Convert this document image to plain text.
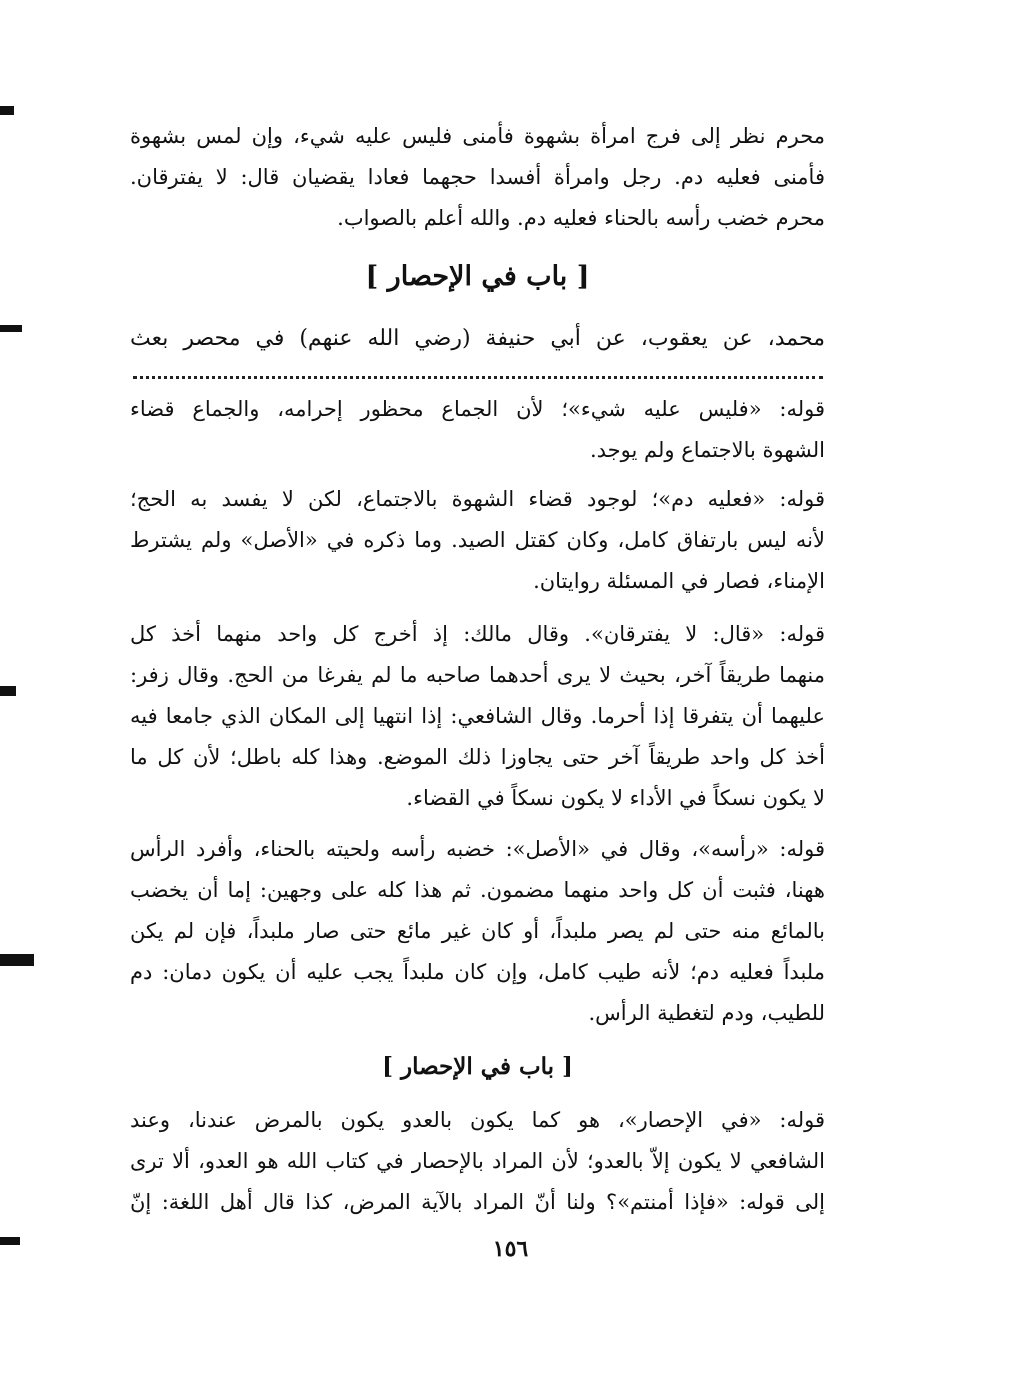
محرم نظر إلى فرج امرأة بشهوة فأمنى فليس عليه شيء، وإن لمس بشهوة
فأمنى فعليه دم. رجل وامرأة أفسدا حجهما فعادا يقضيان قال: لا يفترقان.
محرم خضب رأسه بالحناء فعليه دم. والله أعلم بالصواب.
[ باب في الإحصار ]
محمد، عن يعقوب، عن أبي حنيفة (رضي الله عنهم) في محصر بعث
قوله: «فليس عليه شيء»؛ لأن الجماع محظور إحرامه، والجماع قضاء
الشهوة بالاجتماع ولم يوجد.
قوله: «فعليه دم»؛ لوجود قضاء الشهوة بالاجتماع، لكن لا يفسد به الحج؛
لأنه ليس بارتفاق كامل، وكان كقتل الصيد. وما ذكره في «الأصل» ولم يشترط
الإمناء، فصار في المسئلة روايتان.
قوله: «قال: لا يفترقان». وقال مالك: إذ أخرج كل واحد منهما أخذ كل
منهما طريقاً آخر، بحيث لا يرى أحدهما صاحبه ما لم يفرغا من الحج. وقال زفر:
عليهما أن يتفرقا إذا أحرما. وقال الشافعي: إذا انتهيا إلى المكان الذي جامعا فيه
أخذ كل واحد طريقاً آخر حتى يجاوزا ذلك الموضع. وهذا كله باطل؛ لأن كل ما
لا يكون نسكاً في الأداء لا يكون نسكاً في القضاء.
قوله: «رأسه»، وقال في «الأصل»: خضبه رأسه ولحيته بالحناء، وأفرد الرأس
ههنا، فثبت أن كل واحد منهما مضمون. ثم هذا كله على وجهين: إما أن يخضب
بالمائع منه حتى لم يصر ملبداً، أو كان غير مائع حتى صار ملبداً، فإن لم يكن
ملبداً فعليه دم؛ لأنه طيب كامل، وإن كان ملبداً يجب عليه أن يكون دمان: دم
للطيب، ودم لتغطية الرأس.
[ باب في الإحصار ]
قوله: «في الإحصار»، هو كما يكون بالعدو يكون بالمرض عندنا، وعند
الشافعي لا يكون إلاّ بالعدو؛ لأن المراد بالإحصار في كتاب الله هو العدو، ألا ترى
إلى قوله: «فإذا أمنتم»؟ ولنا أنّ المراد بالآية المرض، كذا قال أهل اللغة: إنّ
١٥٦
